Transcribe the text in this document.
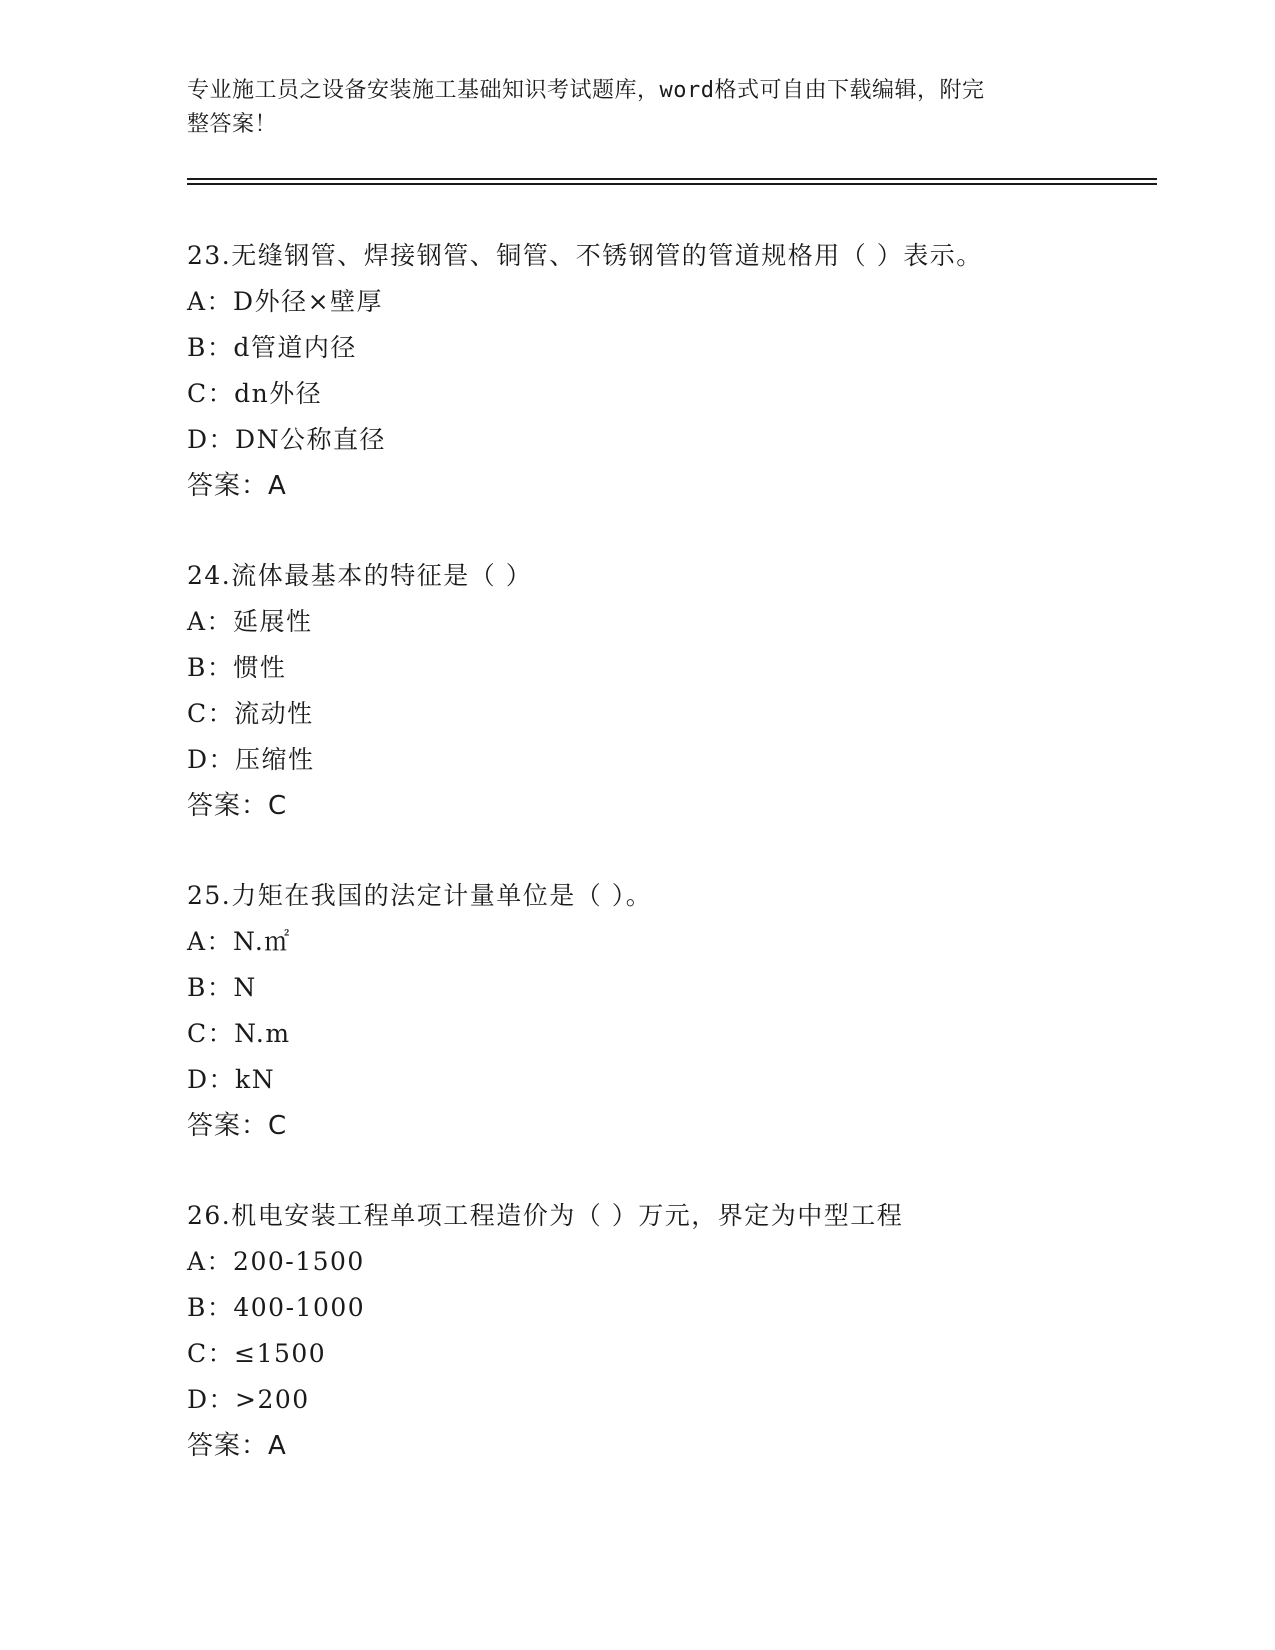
专业施工员之设备安装施工基础知识考试题库，word格式可自由下载编辑，附完
整答案！
23.无缝钢管、焊接钢管、铜管、不锈钢管的管道规格用（ ）表示。
A：D外径×壁厚
B：d管道内径
C：dn外径
D：DN公称直径
答案：A
24.流体最基本的特征是（ ）
A：延展性
B：惯性
C：流动性
D：压缩性
答案：C
25.力矩在我国的法定计量单位是（ ）。
A：N.㎡
B：N
C：N.m
D：kN
答案：C
26.机电安装工程单项工程造价为（ ）万元，界定为中型工程
A：200-1500
B：400-1000
C：≤1500
D：>200
答案：A
